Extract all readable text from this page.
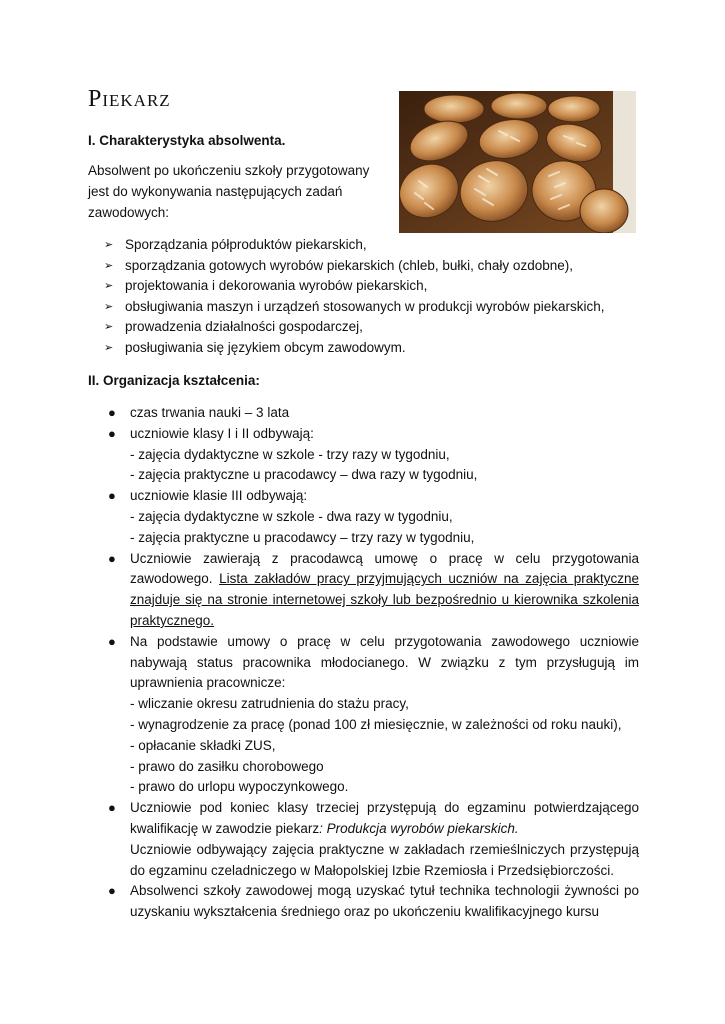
Piekarz

I. Charakterystyka absolwenta.

Absolwent po ukończeniu szkoły przygotowany jest do wykonywania następujących zadań zawodowych:

➢ Sporządzania półproduktów piekarskich,
➢ sporządzania gotowych wyrobów piekarskich (chleb, bułki, chały ozdobne),
➢ projektowania i dekorowania wyrobów piekarskich,
➢ obsługiwania maszyn i urządzeń stosowanych w produkcji wyrobów piekarskich,
➢ prowadzenia działalności gospodarczej,
➢ posługiwania się językiem obcym zawodowym.

II. Organizacja kształcenia:

● czas trwania nauki – 3 lata
● uczniowie klasy I i II odbywają:
- zajęcia dydaktyczne w szkole - trzy razy w tygodniu,
- zajęcia praktyczne u pracodawcy – dwa razy w tygodniu,
● uczniowie klasie III odbywają:
- zajęcia dydaktyczne w szkole - dwa razy w tygodniu,
- zajęcia praktyczne u pracodawcy – trzy razy w tygodniu,
● Uczniowie zawierają z pracodawcą umowę o pracę w celu przygotowania zawodowego. Lista zakładów pracy przyjmujących uczniów na zajęcia praktyczne znajduje się na stronie internetowej szkoły lub bezpośrednio u kierownika szkolenia praktycznego.
● Na podstawie umowy o pracę w celu przygotowania zawodowego uczniowie nabywają status pracownika młodocianego. W związku z tym przysługują im uprawnienia pracownicze:
- wliczanie okresu zatrudnienia do stażu pracy,
- wynagrodzenie za pracę (ponad 100 zł miesięcznie, w zależności od roku nauki),
- opłacanie składki ZUS,
- prawo do zasiłku chorobowego
- prawo do urlopu wypoczynkowego.
● Uczniowie pod koniec klasy trzeciej przystępują do egzaminu potwierdzającego kwalifikację w zawodzie piekarz: Produkcja wyrobów piekarskich.
Uczniowie odbywający zajęcia praktyczne w zakładach rzemieślniczych przystępują do egzaminu czeladniczego w Małopolskiej Izbie Rzemiosła i Przedsiębiorczości.
● Absolwenci szkoły zawodowej mogą uzyskać tytuł technika technologii żywności po uzyskaniu wykształcenia średniego oraz po ukończeniu kwalifikacyjnego kursu
